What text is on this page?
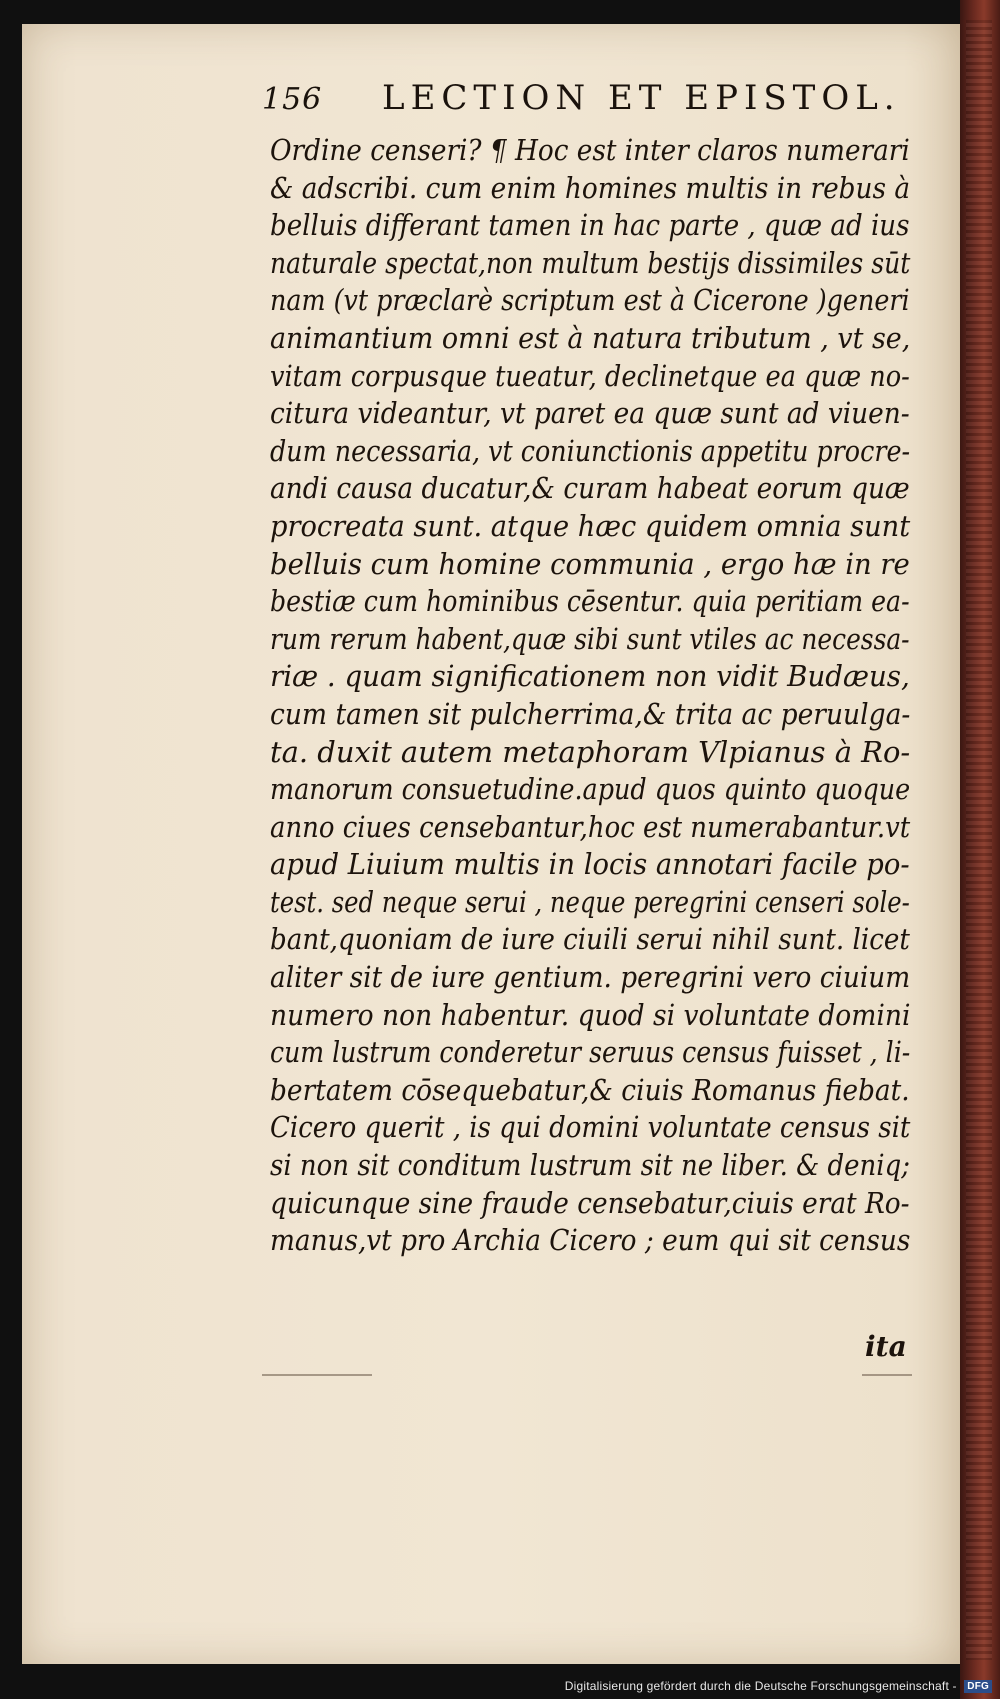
156 LECTION ET EPISTOL.
Ordine censeri? ¶ Hoc est inter claros numerari
& adscribi. cum enim homines multis in rebus à
belluis differant tamen in hac parte , quæ ad ius
naturale spectat,non multum bestijs dissimiles sūt
nam (vt præclarè scriptum est à Cicerone )generi
animantium omni est à natura tributum , vt se,
vitam corpusque tueatur, declinetque ea quæ no-
citura videantur, vt paret ea quæ sunt ad viuen-
dum necessaria, vt coniunctionis appetitu procre-
andi causa ducatur,& curam habeat eorum quæ
procreata sunt. atque hæc quidem omnia sunt
belluis cum homine communia , ergo hæ in re
bestiæ cum hominibus cēsentur. quia peritiam ea-
rum rerum habent,quæ sibi sunt vtiles ac necessa-
riæ . quam significationem non vidit Budæus,
cum tamen sit pulcherrima,& trita ac peruulga-
ta. duxit autem metaphoram Vlpianus à Ro-
manorum consuetudine.apud quos quinto quoque
anno ciues censebantur,hoc est numerabantur.vt
apud Liuium multis in locis annotari facile po-
test. sed neque serui , neque peregrini censeri sole-
bant,quoniam de iure ciuili serui nihil sunt. licet
aliter sit de iure gentium. peregrini vero ciuium
numero non habentur. quod si voluntate domini
cum lustrum conderetur seruus census fuisset , li-
bertatem cōsequebatur,& ciuis Romanus fiebat.
Cicero querit , is qui domini voluntate census sit
si non sit conditum lustrum sit ne liber. & deniq;
quicunque sine fraude censebatur,ciuis erat Ro-
manus,vt pro Archia Cicero ; eum qui sit census
ita
Digitalisierung gefördert durch die Deutsche Forschungsgemeinschaft - DFG
